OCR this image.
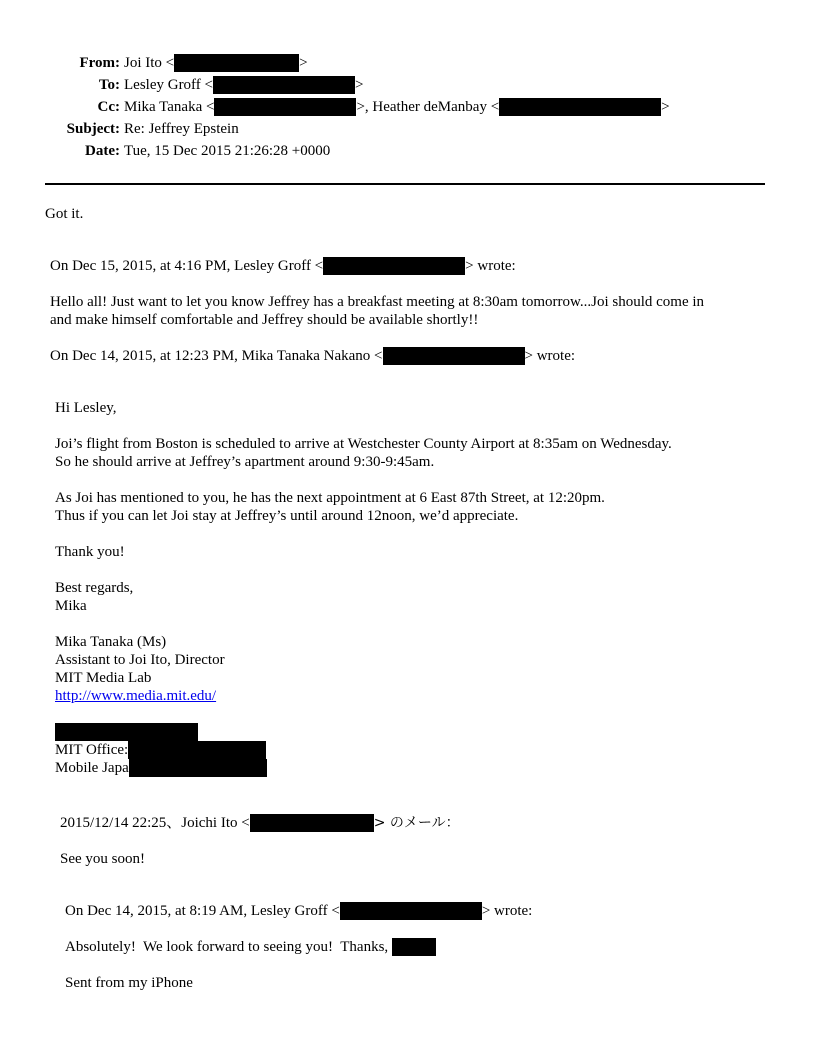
From: Joi Ito <	>
To: Lesley Groff <	>
Cc: Mika Tanaka <	>, Heather deManbay <	>
Subject: Re: Jeffrey Epstein
Date: Tue, 15 Dec 2015 21:26:28 +0000
Got it.
On Dec 15, 2015, at 4:16 PM, Lesley Groff <	> wrote:
Hello all! Just want to let you know Jeffrey has a breakfast meeting at 8:30am tomorrow...Joi should come in
and make himself comfortable and Jeffrey should be available shortly!!
On Dec 14, 2015, at 12:23 PM, Mika Tanaka Nakano <	> wrote:
Hi Lesley,
Joi’s flight from Boston is scheduled to arrive at Westchester County Airport at 8:35am on Wednesday.
So he should arrive at Jeffrey’s apartment around 9:30-9:45am.
As Joi has mentioned to you, he has the next appointment at 6 East 87th Street, at 12:20pm.
Thus if you can let Joi stay at Jeffrey’s until around 12noon, we’d appreciate.
Thank you!
Best regards,
Mika
Mika Tanaka (Ms)
Assistant to Joi Ito, Director
MIT Media Lab
http://www.media.mit.edu/
MIT Office:
Mobile Japa
2015/12/14 22:25、Joichi Ito <	> のメール：
See you soon!
On Dec 14, 2015, at 8:19 AM, Lesley Groff <	> wrote:
Absolutely!  We look forward to seeing you!  Thanks,
Sent from my iPhone
